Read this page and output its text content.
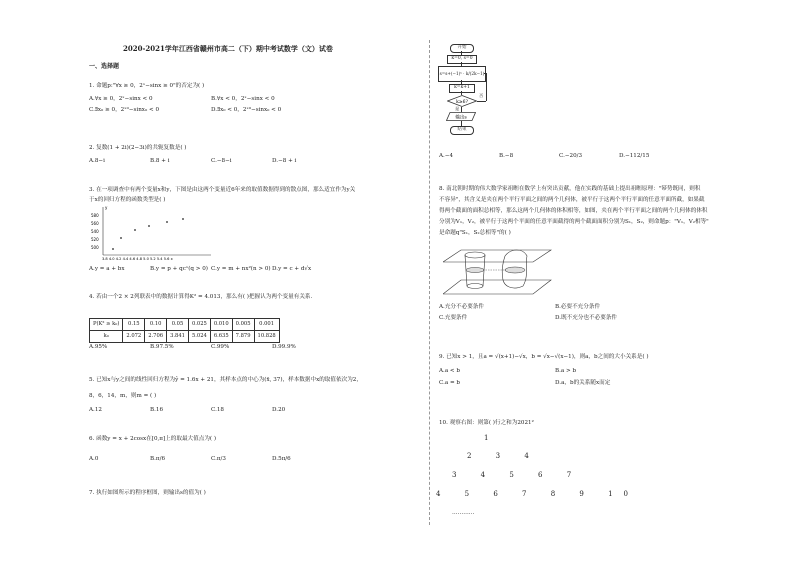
2020-2021学年江西省赣州市高二（下）期中考试数学（文）试卷
一、选择题
1. 命题p:"∀x ≥ 0，2ˣ−sinx ≥ 0"的否定为( )
A.∀x ≥ 0，2ˣ−sinx < 0	B.∀x < 0，2ˣ−sinx < 0
C.∃x₀ ≥ 0，2ˣ⁰−sinx₀ < 0	D.∃x₀ < 0，2ˣ⁰−sinx₀ < 0
2. 复数(1 + 2i)(2−3i)的共轭复数是( )
A.8−i	B.8 + i	C.−8−i	D.−8 + i
3. 在一项调查中有两个变量x和y，下图是由这两个变量近6年来的取值数据得到的散点图，那么适宜作为y关
于x的回归方程的函数类型是( )
580
560
540
520
500
y
3.8 4.0 4.2 4.4 4.6 4.8 5.0 5.2 5.4 5.6 x
A.y = a + bx	B.y = p + qcˣ(q > 0) C.y = m + nx²(n > 0) D.y = c + d√x
4. 若由一个2 × 2列联表中的数据计算得K² = 4.013，那么有( )把握认为两个变量有关系．
P(K² ≥ k₀)	0.15	0.10	0.05	0.025	0.010	0.005	0.001
k₀	2.072	2.706	3.841	5.024	6.635	7.879	10.828
A.95%	B.97.5%	C.99%	D.99.9%
5. 已知x与y之间的线性回归方程为ŷ = 1.6x + 21，其样本点的中心为(x̄, 37)，样本数据中x的取值依次为2，
8，6，14，m，则m = ( )
A.12	B.16	C.18	D.20
6. 函数y = x + 2cosx在[0,π]上的取最大值点为( )
A.0	B.π/6	C.π/3	D.5π/6
7. 执行如图所示的程序框图，则输出s的值为( )
开始
k=0, s=0
s=s+(−1)ᵏ · k/(2k−1)
k=k+1
k≥6?
否
是
输出s
结束
A.−4	B.−8	C.−20/3	D.−112/15
8. 南北朝时期的伟大数学家祖暅在数学上有突出贡献，他在实践的基础上提出祖暅原理："幂势既同，则积
不容异"，其含义是夹在两个平行平面之间的两个几何体，被平行于这两个平行平面的任意平面所截，如果截
得两个截面的面积总相等，那么这两个几何体的体积相等，如图，夹在两个平行平面之间的两个几何体的体积
分别为V₁，V₂，被平行于这两个平面的任意平面截得的两个截面面积分别为S₁，S₂，则命题p："V₁，V₂相等"
是命题q"S₁，S₂总相等"的( )
A.充分不必要条件	B.必要不充分条件
C.充要条件	D.既不充分也不必要条件
9. 已知x > 1，且a = √(x+1)−√x，b = √x−√(x−1)，则a，b之间的大小关系是( )
A.a < b	B.a > b
C.a = b	D.a，b的关系随x而定
10. 观察右图：则第( )行之和为2021²
1
2 3 4
3 4 5 6 7
4 5 6 7 8 9 10
…………
